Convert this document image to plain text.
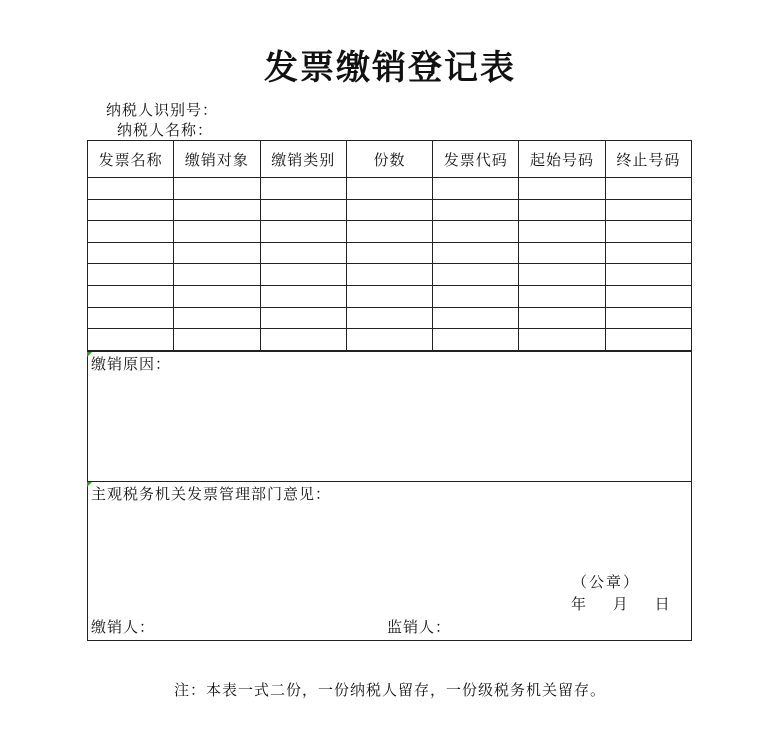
发票缴销登记表
纳税人识别号：
纳税人名称：
发票名称	缴销对象	缴销类别	份数	发票代码	起始号码	终止号码

缴销原因：
主观税务机关发票管理部门意见：
（公章）
年 月 日
缴销人：	监销人：
注：本表一式二份，一份纳税人留存，一份级税务机关留存。
